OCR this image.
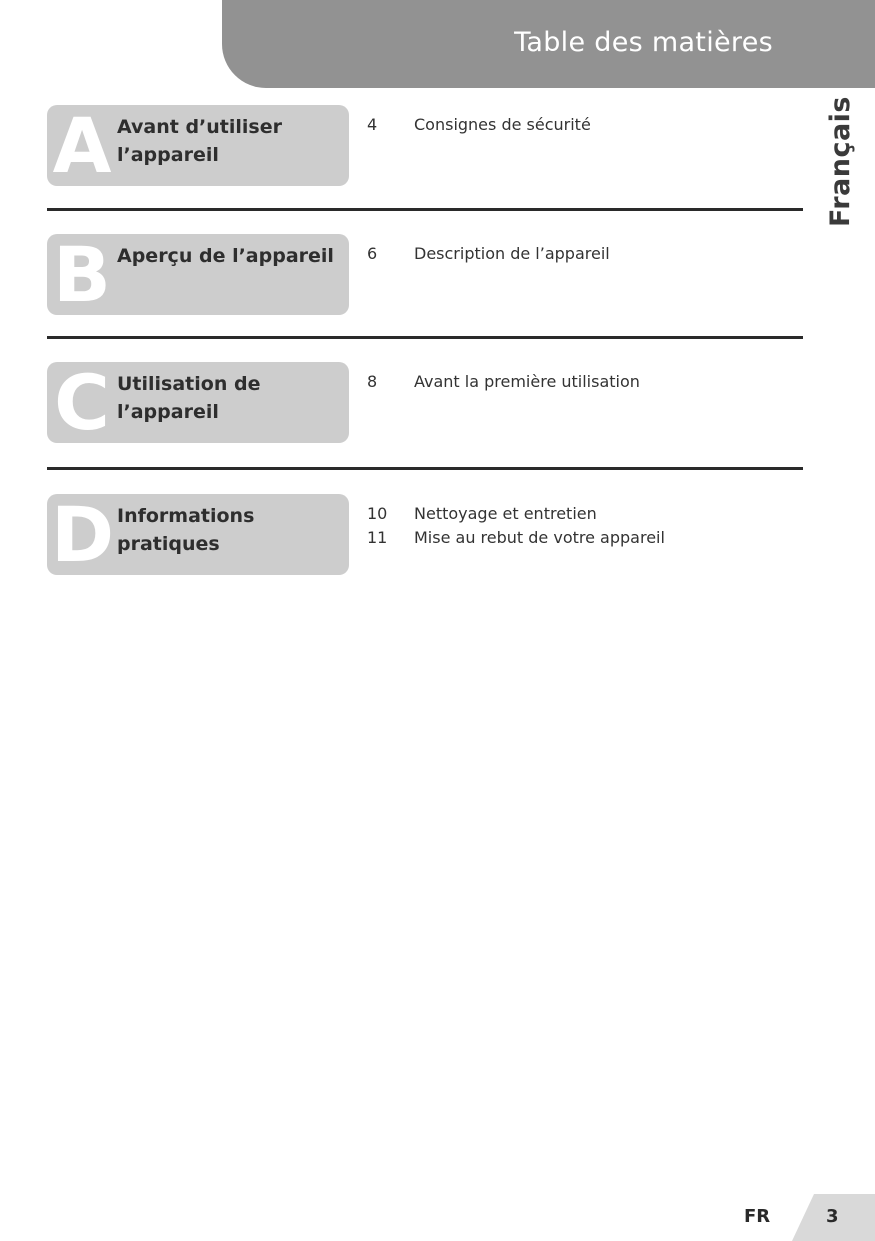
Table des matières
Français
A Avant d’utiliser l’appareil
4	Consignes de sécurité
B Aperçu de l’appareil	6	Description de l’appareil
C Utilisation de l’appareil
8	Avant la première utilisation
D Informations pratiques
10	Nettoyage et entretien
11	Mise au rebut de votre appareil
FR	3
